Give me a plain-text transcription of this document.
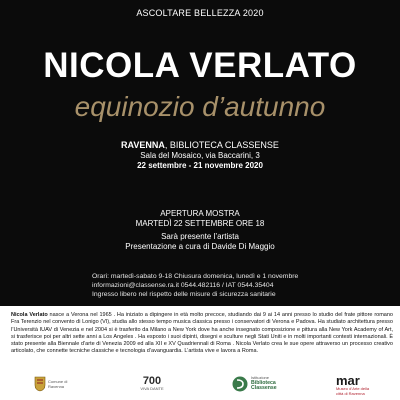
ASCOLTARE BELLEZZA 2020
NICOLA VERLATO
equinozio d’autunno
RAVENNA, BIBLIOTECA CLASSENSE
Sala del Mosaico, via Baccarini, 3
22 settembre - 21 novembre 2020
APERTURA MOSTRA
MARTEDÌ 22 SETTEMBRE ORE 18
Sarà presente l’artista
Presentazione a cura di Davide Di Maggio
Orari: martedì-sabato 9-18 Chiusura domenica, lunedì e 1 novembre
informazioni@classense.ra.it 0544.482116 / IAT 0544.35404
Ingresso libero nel rispetto delle misure di sicurezza sanitarie
Nicola Verlato nasce a Verona nel 1965 . Ha iniziato a dipingere in età molto precoce, studiando dai 9 ai 14 anni presso lo studio del frate pittore romano Fra Terenzio nel convento di Lonigo (VI), studia allo stesso tempo musica classica presso i conservatori di Verona e Padova. Ha studiato architettura presso l’Università IUAV di Venezia e nel 2004 si è trasferito da Milano a New York dove ha anche insegnato composizione e pittura alla New York Academy of Art, si trasferisce poi per altri sette anni a Los Angeles . Ha esposto i suoi dipinti, disegni e sculture negli Stati Uniti e in molti importanti contesti internazionali. È stato presente alla Biennale d’arte di Venezia 2009 ed alla XII e XV Quadriennali di Roma . Nicola Verlato crea le sue opere attraverso un processo creativo articolato, che connette tecniche classiche e tecnologia d’avanguardia. L’artista vive e lavora a Roma.
Comune di Ravenna	700
VIVA DANTE
Istituzione
Biblioteca Classense
mar
Museo d’Arte della città di Ravenna
